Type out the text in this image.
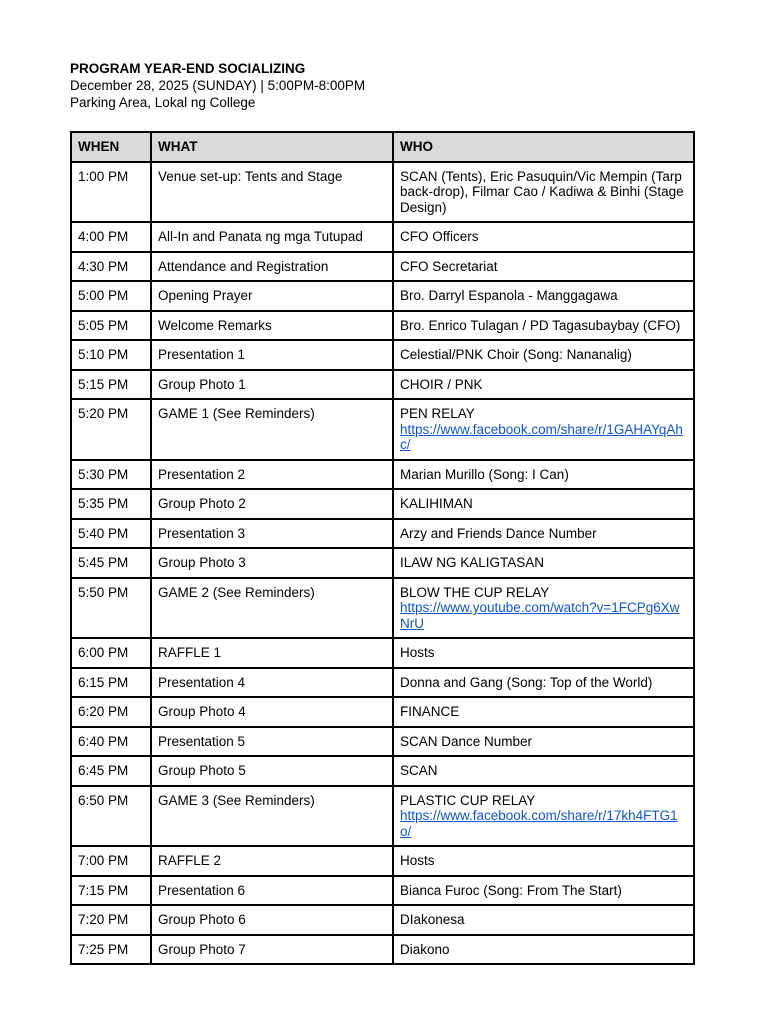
PROGRAM YEAR-END SOCIALIZING
December 28, 2025 (SUNDAY) | 5:00PM-8:00PM
Parking Area, Lokal ng College
WHEN	WHAT	WHO
1:00 PM	Venue set-up: Tents and Stage	SCAN (Tents), Eric Pasuquin/Vic Mempin (Tarp back-drop), Filmar Cao / Kadiwa & Binhi (Stage Design)
4:00 PM	All-In and Panata ng mga Tutupad	CFO Officers
4:30 PM	Attendance and Registration	CFO Secretariat
5:00 PM	Opening Prayer	Bro. Darryl Espanola - Manggagawa
5:05 PM	Welcome Remarks	Bro. Enrico Tulagan / PD Tagasubaybay (CFO)
5:10 PM	Presentation 1	Celestial/PNK Choir (Song: Nananalig)
5:15 PM	Group Photo 1	CHOIR / PNK
5:20 PM	GAME 1 (See Reminders)	PEN RELAY
https://www.facebook.com/share/r/1GAHAYqAhc/

5:30 PM	Presentation 2	Marian Murillo (Song: I Can)
5:35 PM	Group Photo 2	KALIHIMAN
5:40 PM	Presentation 3	Arzy and Friends Dance Number
5:45 PM	Group Photo 3	ILAW NG KALIGTASAN
5:50 PM	GAME 2 (See Reminders)	BLOW THE CUP RELAY
https://www.youtube.com/watch?v=1FCPg6XwNrU

6:00 PM	RAFFLE 1	Hosts
6:15 PM	Presentation 4	Donna and Gang (Song: Top of the World)
6:20 PM	Group Photo 4	FINANCE
6:40 PM	Presentation 5	SCAN Dance Number
6:45 PM	Group Photo 5	SCAN
6:50 PM	GAME 3 (See Reminders)	PLASTIC CUP RELAY
https://www.facebook.com/share/r/17kh4FTG1o/

7:00 PM	RAFFLE 2	Hosts
7:15 PM	Presentation 6	Bianca Furoc (Song: From The Start)
7:20 PM	Group Photo 6	DIakonesa
7:25 PM	Group Photo 7	Diakono
